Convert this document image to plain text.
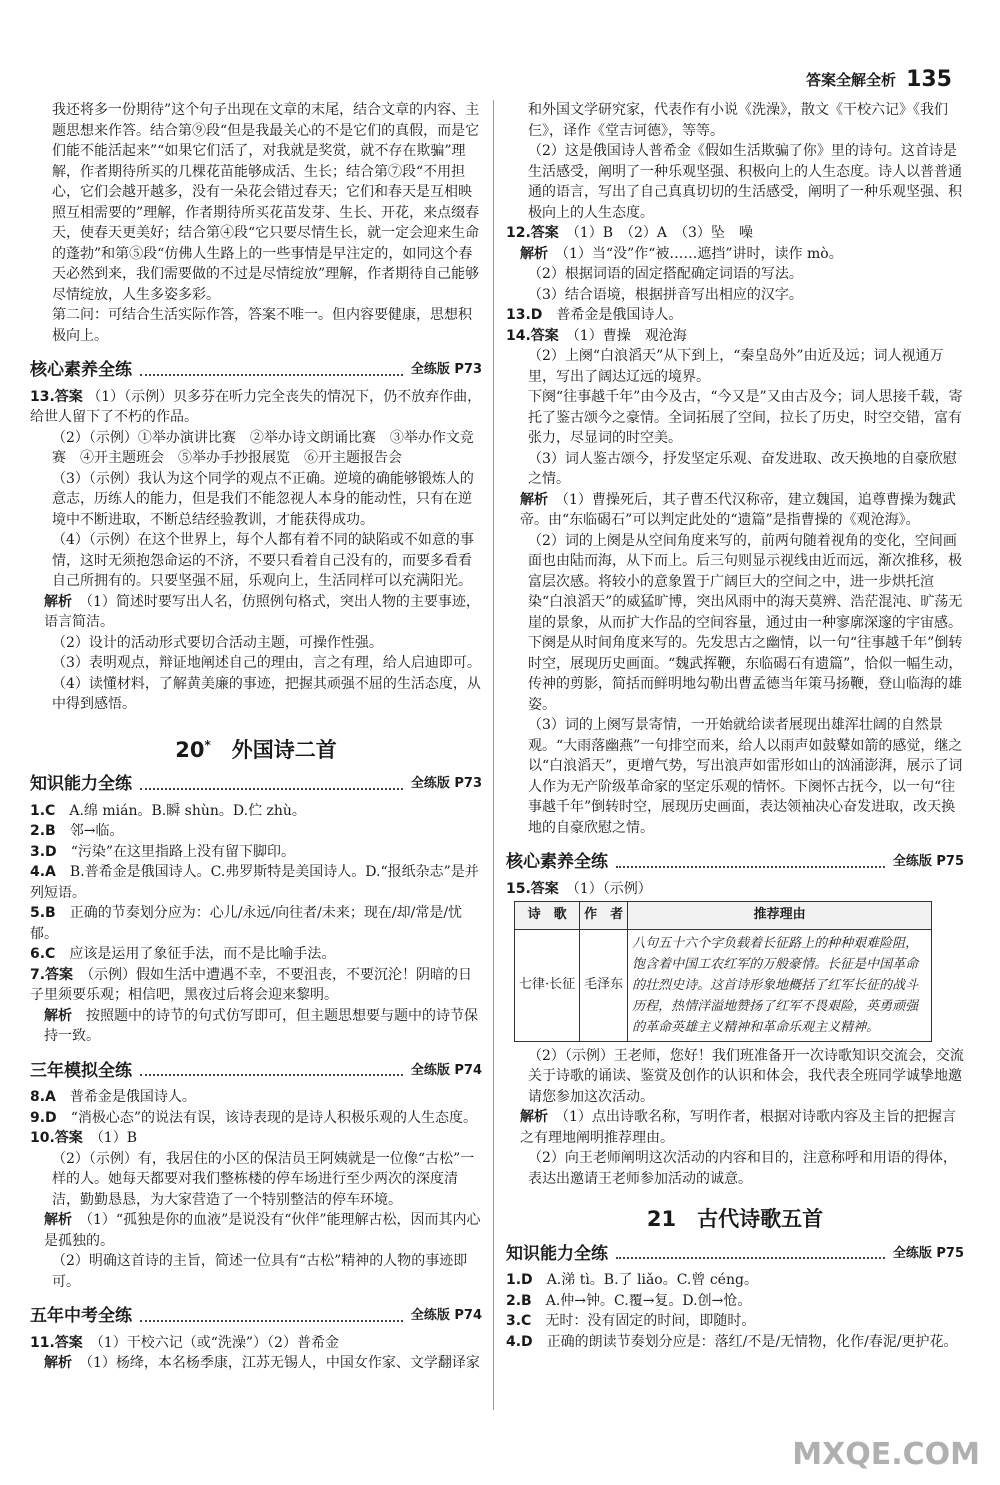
答案全解全析 135

我还将多一份期待”这个句子出现在文章的末尾，结合文章的内容、主题思想来作答。结合第⑨段“但是我最关心的不是它们的真假，而是它们能不能活起来”“如果它们活了，对我就是奖赏，就不存在欺骗”理解，作者期待所买的几棵花苗能够成活、生长；结合第⑦段“不用担心，它们会越开越多，没有一朵花会错过春天；它们和春天是互相映照互相需要的”理解，作者期待所买花苗发芽、生长、开花，来点缀春天，使春天更美好；结合第④段“它只要尽情生长，就一定会迎来生命的蓬勃”和第⑤段“仿佛人生路上的一些事情是早注定的，如同这个春天必然到来，我们需要做的不过是尽情绽放”理解，作者期待自己能够尽情绽放，人生多姿多彩。

第二问：可结合生活实际作答，答案不唯一。但内容要健康，思想积极向上。

核心素养全练	全练版 P73

13.答案 （1）（示例）贝多芬在听力完全丧失的情况下，仍不放弃作曲，给世人留下了不朽的作品。

（2）（示例）①举办演讲比赛　②举办诗文朗诵比赛　③举办作文竞赛　④开主题班会　⑤举办手抄报展览　⑥开主题报告会

（3）（示例）我认为这个同学的观点不正确。逆境的确能够锻炼人的意志，历练人的能力，但是我们不能忽视人本身的能动性，只有在逆境中不断进取，不断总结经验教训，才能获得成功。

（4）（示例）在这个世界上，每个人都有着不同的缺陷或不如意的事情，这时无须抱怨命运的不济，不要只看着自己没有的，而要多看看自己所拥有的。只要坚强不屈，乐观向上，生活同样可以充满阳光。

解析　 （1）简述时要写出人名，仿照例句格式，突出人物的主要事迹，语言简洁。

（2）设计的活动形式要切合活动主题，可操作性强。

（3）表明观点，辩证地阐述自己的理由，言之有理，给人启迪即可。

（4）读懂材料，了解黄美廉的事迹，把握其顽强不屈的生活态度，从中得到感悟。

20*　 外国诗二首
知识能力全练	全练版 P73

1.C　 A.绵 mián。B.瞬 shùn。D.伫 zhù。

2.B　 邻→临。

3.D　 “污染”在这里指路上没有留下脚印。

4.A　 B.普希金是俄国诗人。C.弗罗斯特是美国诗人。D.“报纸杂志”是并列短语。

5.B　 正确的节奏划分应为：心儿/永远/向往者/未来；现在/却/常是/忧郁。

6.C　 应该是运用了象征手法，而不是比喻手法。

7.答案　 （示例）假如生活中遭遇不幸，不要沮丧，不要沉沦！阴暗的日子里须要乐观；相信吧，黑夜过后将会迎来黎明。

解析　 按照题中的诗节的句式仿写即可，但主题思想要与题中的诗节保持一致。

三年模拟全练	全练版 P74

8.A　 普希金是俄国诗人。

9.D　 “消极心态”的说法有误，该诗表现的是诗人积极乐观的人生态度。

10.答案　 （1）B

（2）（示例）有，我居住的小区的保洁员王阿姨就是一位像“古松”一样的人。她每天都要对我们整栋楼的停车场进行至少两次的深度清洁，勤勤恳恳，为大家营造了一个特别整洁的停车环境。

解析　 （1）“孤独是你的血液”是说没有“伙伴”能理解古松，因而其内心是孤独的。

（2）明确这首诗的主旨，简述一位具有“古松”精神的人物的事迹即可。

五年中考全练	全练版 P74

11.答案　 （1）干校六记（或“洗澡”）（2）普希金

解析　 （1）杨绛，本名杨季康，江苏无锡人，中国女作家、文学翻译家

和外国文学研究家，代表作有小说《洗澡》，散文《干校六记》《我们仨》，译作《堂吉诃德》，等等。

（2）这是俄国诗人普希金《假如生活欺骗了你》里的诗句。这首诗是生活感受，阐明了一种乐观坚强、积极向上的人生态度。诗人以普普通通的语言，写出了自己真真切切的生活感受，阐明了一种乐观坚强、积极向上的人生态度。

12.答案　 （1）B　（2）A　（3）坠　噪

解析　 （1）当“没”作“被……遮挡”讲时，读作 mò。

（2）根据词语的固定搭配确定词语的写法。

（3）结合语境，根据拼音写出相应的汉字。

13.D　 普希金是俄国诗人。

14.答案　 （1）曹操　观沧海

（2）上阕“白浪滔天”从下到上，“秦皇岛外”由近及远；词人视通万里，写出了阔达辽远的境界。

下阕“往事越千年”由今及古，“今又是”又由古及今；词人思接千载，寄托了鉴古颂今之豪情。全词拓展了空间，拉长了历史，时空交错，富有张力，尽显词的时空美。

（3）词人鉴古颂今，抒发坚定乐观、奋发进取、改天换地的自豪欣慰之情。

解析　 （1）曹操死后，其子曹丕代汉称帝，建立魏国，追尊曹操为魏武帝。由“东临碣石”可以判定此处的“遗篇”是指曹操的《观沧海》。

（2）词的上阕是从空间角度来写的，前两句随着视角的变化，空间画面也由陆而海，从下而上。后三句则显示视线由近而远，渐次推移，极富层次感。将较小的意象置于广阔巨大的空间之中，进一步烘托渲染“白浪滔天”的威猛旷博，突出风雨中的海天莫辨、浩茫混沌、旷荡无崖的景象，从而扩大作品的空间容量，通过由一种寥廓深邃的宇宙感。下阕是从时间角度来写的。先发思古之幽情，以一句“往事越千年”倒转时空，展现历史画面。“魏武挥鞭，东临碣石有遗篇”，恰似一幅生动，传神的剪影，简括而鲜明地勾勒出曹孟德当年策马扬鞭，登山临海的雄姿。

（3）词的上阕写景寄情，一开始就给读者展现出雄浑壮阔的自然景观。“大雨落幽燕”一句排空而来，给人以雨声如鼓鼙如箭的感觉，继之以“白浪滔天”，更增气势，写出浪声如雷形如山的汹涌澎湃，展示了词人作为无产阶级革命家的坚定乐观的情怀。下阕怀古抚今，以一句“往事越千年”倒转时空，展现历史画面，表达领袖决心奋发进取，改天换地的自豪欣慰之情。

核心素养全练	全练版 P75

15.答案　 （1）（示例）

诗　歌	作　者	推荐理由
七律·长征	毛泽东	八句五十六个字负载着长征路上的种种艰难险阻，饱含着中国工农红军的万般豪情。长征是中国革命的壮烈史诗。这首诗形象地概括了红军长征的战斗历程，热情洋溢地赞扬了红军不畏艰险，英勇顽强的革命英雄主义精神和革命乐观主义精神。

（2）（示例）王老师，您好！我们班准备开一次诗歌知识交流会，交流关于诗歌的诵读、鉴赏及创作的认识和体会，我代表全班同学诚挚地邀请您参加这次活动。

解析　 （1）点出诗歌名称，写明作者，根据对诗歌内容及主旨的把握言之有理地阐明推荐理由。

（2）向王老师阐明这次活动的内容和目的，注意称呼和用语的得体，表达出邀请王老师参加活动的诚意。

21　 古代诗歌五首
知识能力全练	全练版 P75

1.D　 A.涕 tì。B.了 liǎo。C.曾 céng。

2.B　 A.仲→钟。C.覆→复。D.创→怆。

3.C　 无时：没有固定的时间，即随时。

4.D　 正确的朗读节奏划分应是：落红/不是/无情物，化作/春泥/更护花。

MXQE.COM
